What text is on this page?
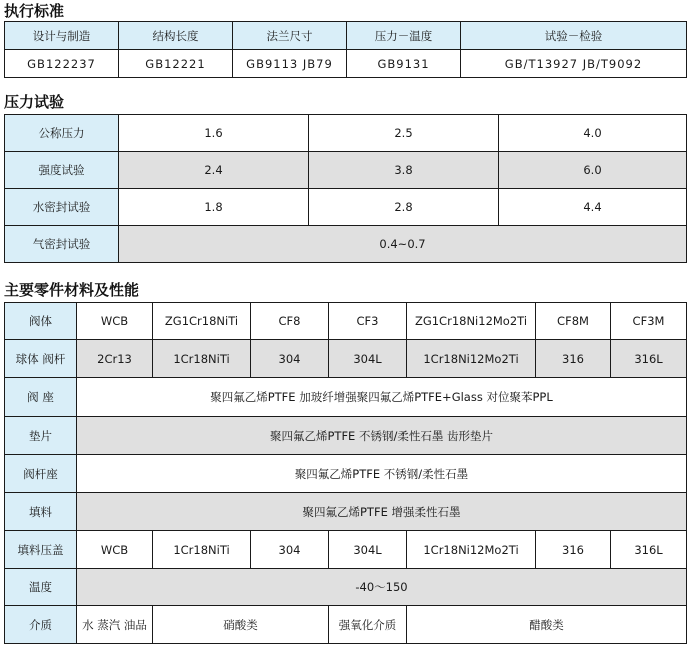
执行标准
设计与制造	结构长度	法兰尺寸	压力－温度	试验－检验
GB122237	GB12221	GB9113 JB79	GB9131	GB/T13927 JB/T9092
压力试验
公称压力	1.6	2.5	4.0
强度试验	2.4	3.8	6.0
水密封试验	1.8	2.8	4.4
气密封试验	0.4~0.7		
主要零件材料及性能
阀体	WCB	ZG1Cr18NiTi	CF8	CF3	ZG1Cr18Ni12Mo2Ti	CF8M	CF3M	
球体 阀杆	2Cr13	1Cr18NiTi	304	304L	1Cr18Ni12Mo2Ti	316	316L	
阀 座	聚四氟乙烯PTFE 加玻纤增强聚四氟乙烯PTFE+Glass 对位聚苯PPL							
垫片	聚四氟乙烯PTFE 不锈钢/柔性石墨 齿形垫片							
阀杆座	聚四氟乙烯PTFE 不锈钢/柔性石墨							
填料	聚四氟乙烯PTFE 增强柔性石墨							
填料压盖	WCB	1Cr18NiTi	304	304L	1Cr18Ni12Mo2Ti	316	316L	
温度	-40～150							
介质	水 蒸汽 油品	硝酸类		强氧化介质	醋酸类	
